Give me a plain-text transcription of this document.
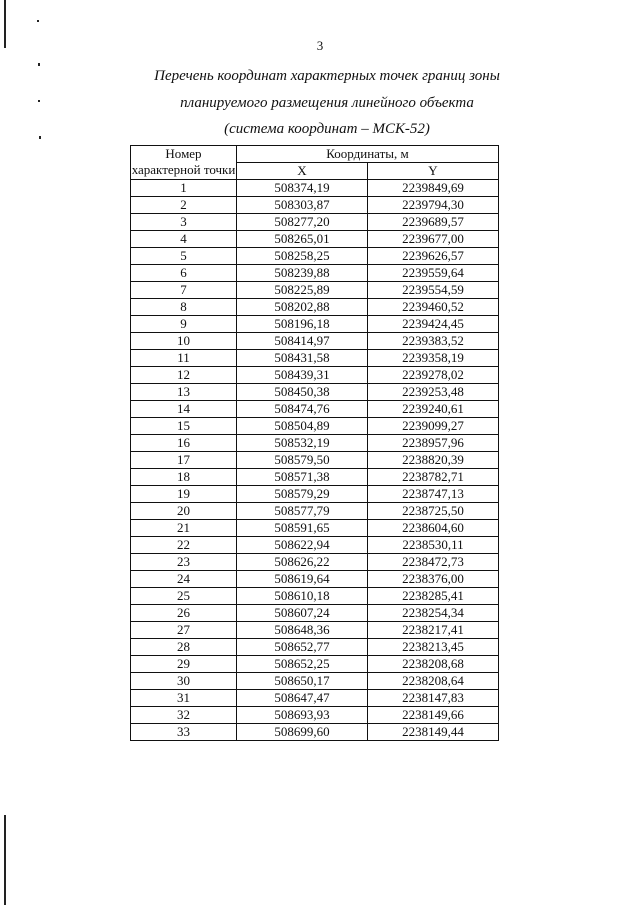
3
Перечень координат характерных точек границ зоны
планируемого размещения линейного объекта
(система координат – МСК-52)
Номер характерной точки	Координаты, м	
	X	Y
1	508374,19	2239849,69
2	508303,87	2239794,30
3	508277,20	2239689,57
4	508265,01	2239677,00
5	508258,25	2239626,57
6	508239,88	2239559,64
7	508225,89	2239554,59
8	508202,88	2239460,52
9	508196,18	2239424,45
10	508414,97	2239383,52
11	508431,58	2239358,19
12	508439,31	2239278,02
13	508450,38	2239253,48
14	508474,76	2239240,61
15	508504,89	2239099,27
16	508532,19	2238957,96
17	508579,50	2238820,39
18	508571,38	2238782,71
19	508579,29	2238747,13
20	508577,79	2238725,50
21	508591,65	2238604,60
22	508622,94	2238530,11
23	508626,22	2238472,73
24	508619,64	2238376,00
25	508610,18	2238285,41
26	508607,24	2238254,34
27	508648,36	2238217,41
28	508652,77	2238213,45
29	508652,25	2238208,68
30	508650,17	2238208,64
31	508647,47	2238147,83
32	508693,93	2238149,66
33	508699,60	2238149,44
